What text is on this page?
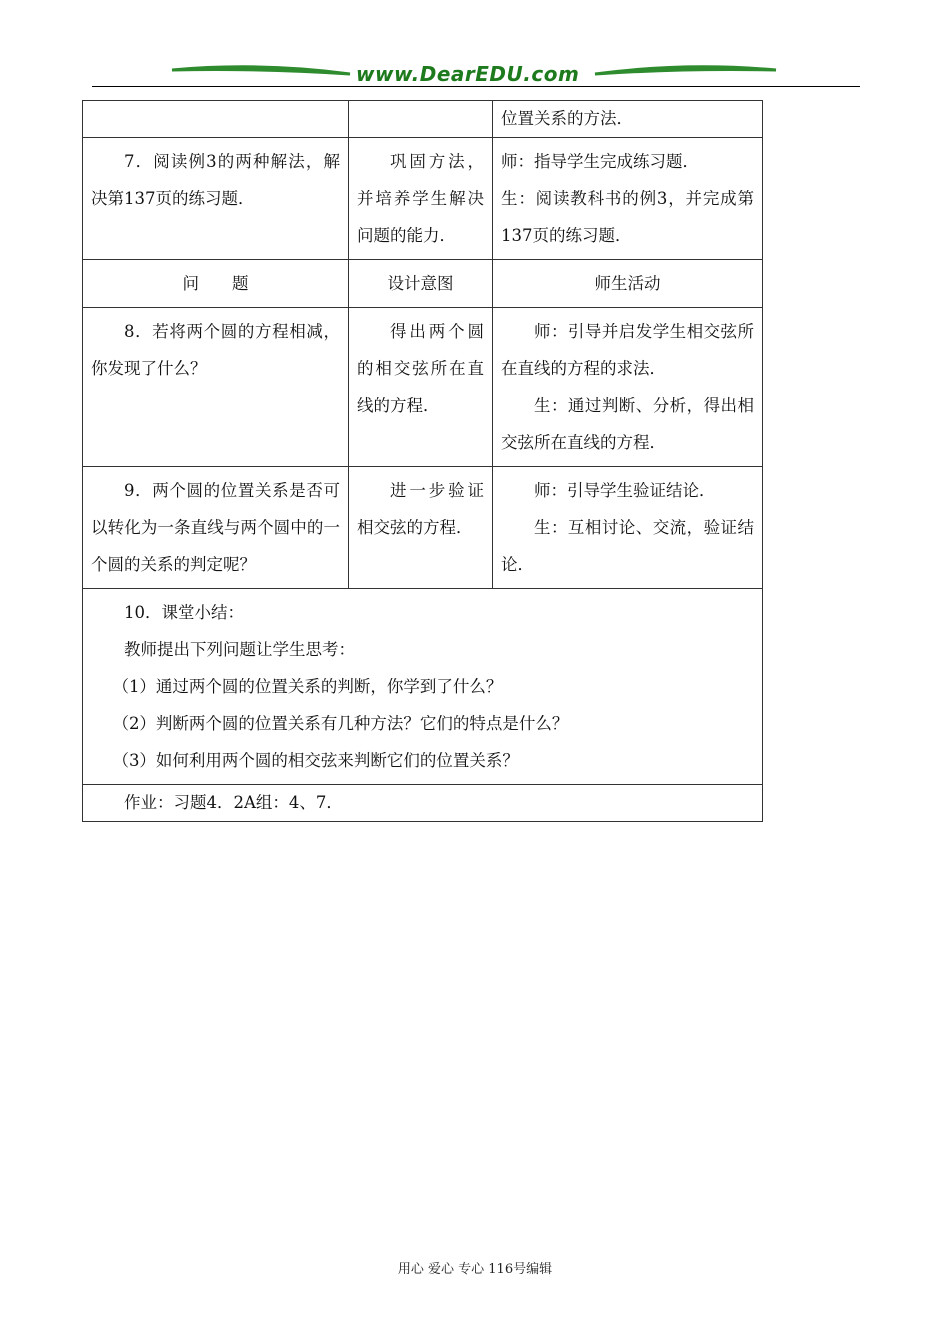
www.DearEDU.com
		位置关系的方法．
7．阅读例3的两种解法，解决第137页的练习题．	巩固方法，并培养学生解决问题的能力．	师：指导学生完成练习题．
生：阅读教科书的例3，并完成第137页的练习题．

问　　题	设计意图	师生活动
8．若将两个圆的方程相减，你发现了什么？	得出两个圆的相交弦所在直线的方程．	师：引导并启发学生相交弦所在直线的方程的求法．
生：通过判断、分析，得出相交弦所在直线的方程．

9．两个圆的位置关系是否可以转化为一条直线与两个圆中的一个圆的关系的判定呢？	进一步验证相交弦的方程．	师：引导学生验证结论．
生：互相讨论、交流，验证结论．

10．课堂小结：
教师提出下列问题让学生思考：
（1）通过两个圆的位置关系的判断，你学到了什么？
（2）判断两个圆的位置关系有几种方法？它们的特点是什么？
（3）如何利用两个圆的相交弦来判断它们的位置关系？		

作业：习题4．2A组：4、7．		
用心 爱心 专心 116号编辑
